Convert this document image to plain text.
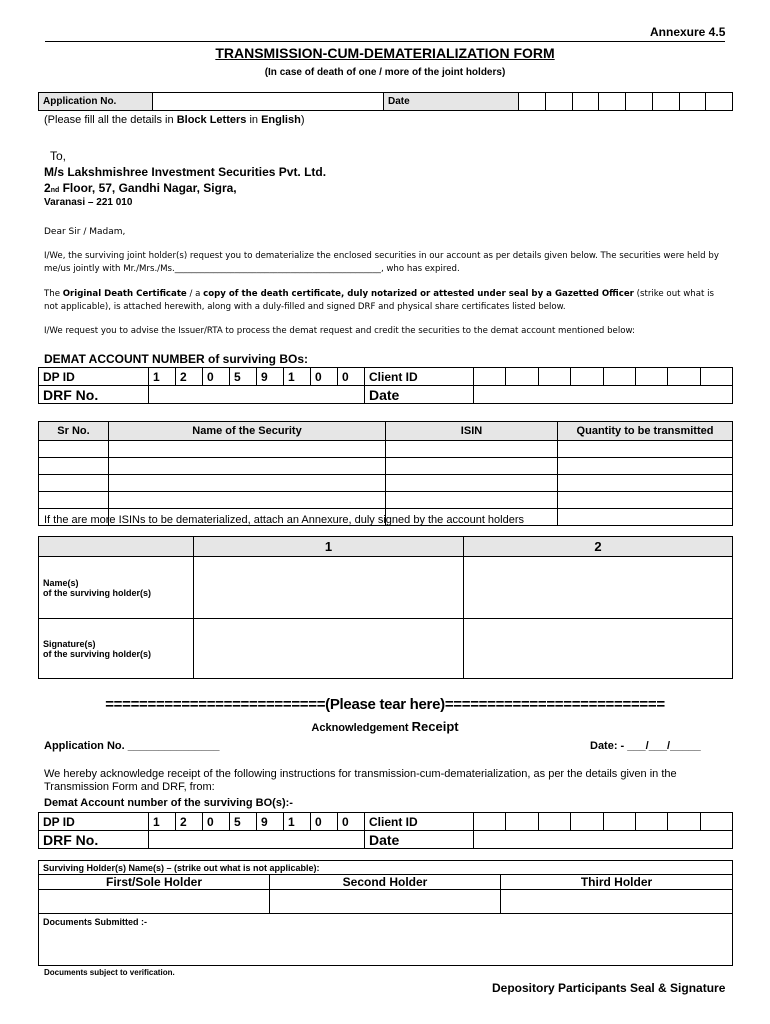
Annexure 4.5
TRANSMISSION-CUM-DEMATERIALIZATION FORM
(In case of death of one / more of the joint holders)
Application No.		Date								
(Please fill all the details in Block Letters in English)
To,
M/s Lakshmishree Investment Securities Pvt. Ltd.
2nd Floor, 57, Gandhi Nagar, Sigra,
Varanasi – 221 010
Dear Sir / Madam,
I/We, the surviving joint holder(s) request you to dematerialize the enclosed securities in our account as per details given below. The securities were held by me/us jointly with Mr./Mrs./Ms.________________________________________________, who has expired.
The Original Death Certificate / a copy of the death certificate, duly notarized or attested under seal by a Gazetted Officer (strike out what is not applicable), is attached herewith, along with a duly-filled and signed DRF and physical share certificates listed below.
I/We request you to advise the Issuer/RTA to process the demat request and credit the securities to the demat account mentioned below:
DEMAT ACCOUNT NUMBER of surviving BOs:
DP ID	1	2	0	5	9	1	0	0	Client ID								
DRF No.									Date								
Sr No.	Name of the Security	ISIN	Quantity to be transmitted

If the are more ISINs to be dematerialized, attach an Annexure, duly signed by the account holders
	1	2
Name(s)
of the surviving holder(s)		
Signature(s)
of the surviving holder(s)		
==========================(Please tear here)==========================
Acknowledgement Receipt
Application No. _______________	Date: - ___/___/_____
We hereby acknowledge receipt of the following instructions for transmission-cum-dematerialization, as per the details given in the Transmission Form and DRF, from:
Demat Account number of the surviving BO(s):-
DP ID	1	2	0	5	9	1	0	0	Client ID								
DRF No.									Date								
Surviving Holder(s) Name(s) – (strike out what is not applicable):		
First/Sole Holder	Second Holder	Third Holder

Documents Submitted :-		
Documents subject to verification.
Depository Participants Seal & Signature
